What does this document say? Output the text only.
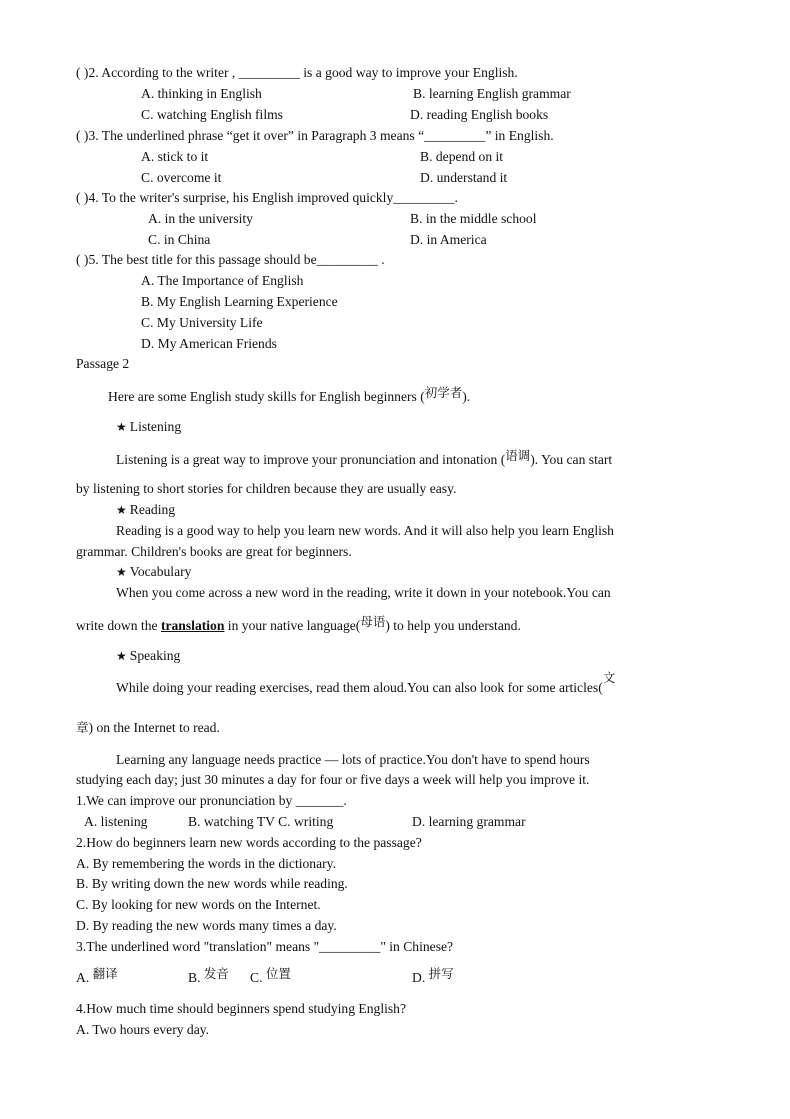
( )2. According to the writer , _________ is a good way to improve your English.
A. thinking in English	B. learning English grammar
C. watching English films	D. reading English books
( )3. The underlined phrase “get it over” in Paragraph 3 means “_________” in English.
A. stick to it	B. depend on it
C. overcome it	D. understand it
( )4. To the writer's surprise, his English improved quickly_________.
A. in the university	B. in the middle school
C. in China	D. in America
( )5. The best title for this passage should be_________ .
A. The Importance of English
B. My English Learning Experience
C. My University Life
D. My American Friends
Passage 2
Here are some English study skills for English beginners (初学者).
★ Listening
Listening is a great way to improve your pronunciation and intonation (语调). You can start
by listening to short stories for children because they are usually easy.
★ Reading
Reading is a good way to help you learn new words. And it will also help you learn English
grammar. Children's books are great for beginners.
★ Vocabulary
When you come across a new word in the reading, write it down in your notebook.You can
write down the translation in your native language(母语) to help you understand.
★ Speaking
While doing your reading exercises, read them aloud.You can also look for some articles(文
章) on the Internet to read.
Learning any language needs practice — lots of practice.You don't have to spend hours
studying each day; just 30 minutes a day for four or five days a week will help you improve it.
1.We can improve our pronunciation by _______.
A. listening	B. watching TV C. writing	D. learning grammar
2.How do beginners learn new words according to the passage?
A. By remembering the words in the dictionary.
B. By writing down the new words while reading.
C. By looking for new words on the Internet.
D. By reading the new words many times a day.
3.The underlined word "translation" means "_________" in Chinese?
A. 翻译	B. 发音 C. 位置	D. 拼写
4.How much time should beginners spend studying English?
A. Two hours every day.
